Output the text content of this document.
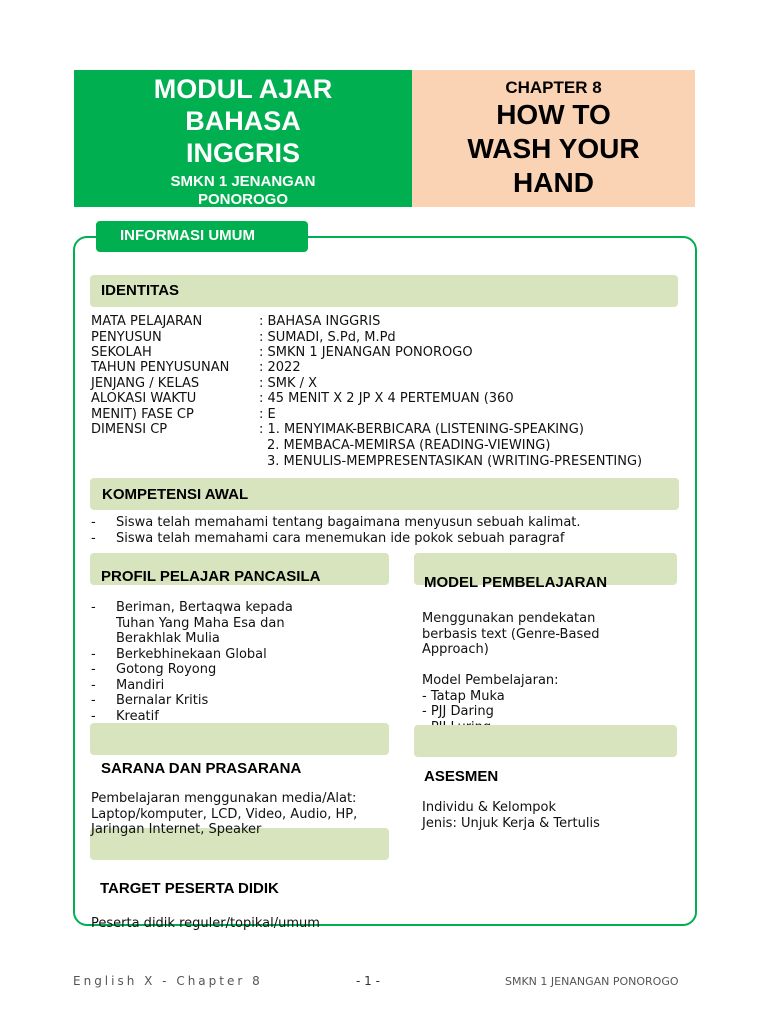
MODUL AJAR
BAHASA
INGGRIS
SMKN 1 JENANGAN
PONOROGO
CHAPTER 8
HOW TO
WASH YOUR
HAND
INFORMASI UMUM
IDENTITAS
MATA PELAJARAN	: BAHASA INGGRIS
PENYUSUN	: SUMADI, S.Pd, M.Pd
SEKOLAH	: SMKN 1 JENANGAN PONOROGO
TAHUN PENYUSUNAN : 2022
JENJANG / KELAS	: SMK / X
ALOKASI WAKTU	: 45 MENIT X 2 JP X 4 PERTEMUAN (360
MENIT) FASE CP	: E
DIMENSI CP	: 1. MENYIMAK-BERBICARA (LISTENING-SPEAKING)
2. MEMBACA-MEMIRSA (READING-VIEWING)
3. MENULIS-MEMPRESENTASIKAN (WRITING-PRESENTING)
KOMPETENSI AWAL
- Siswa telah memahami tentang bagaimana menyusun sebuah kalimat.
- Siswa telah memahami cara menemukan ide pokok sebuah paragraf
PROFIL PELAJAR PANCASILA
- Beriman, Bertaqwa kepada Tuhan Yang Maha Esa dan Berakhlak Mulia
- Berkebhinekaan Global
- Gotong Royong
- Mandiri
- Bernalar Kritis
- Kreatif
MODEL PEMBELAJARAN
Menggunakan pendekatan berbasis text (Genre-Based Approach)
Model Pembelajaran:
- Tatap Muka
- PJJ Daring
SARANA DAN PRASARANA
Pembelajaran menggunakan media/Alat: Laptop/komputer, LCD, Video, Audio, HP, Jaringan Internet, Speaker
ASESMEN
Individu & Kelompok
Jenis: Unjuk Kerja & Tertulis
TARGET PESERTA DIDIK
Peserta didik reguler/topikal/umum
English X - Chapter 8	- 1 -	SMKN 1 JENANGAN PONOROGO
